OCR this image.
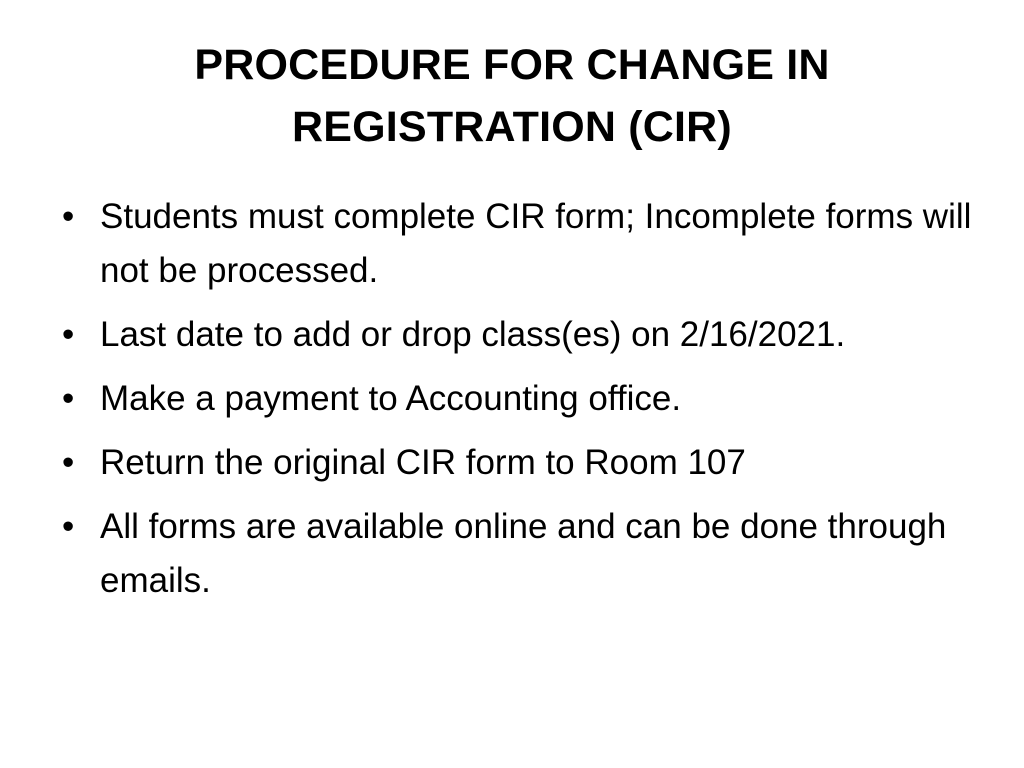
PROCEDURE FOR CHANGE IN
REGISTRATION (CIR)
• Students must complete CIR form; Incomplete forms will not be processed.
• Last date to add or drop class(es) on 2/16/2021.
• Make a payment to Accounting office.
• Return the original CIR form to Room 107
• All forms are available online and can be done through emails.
